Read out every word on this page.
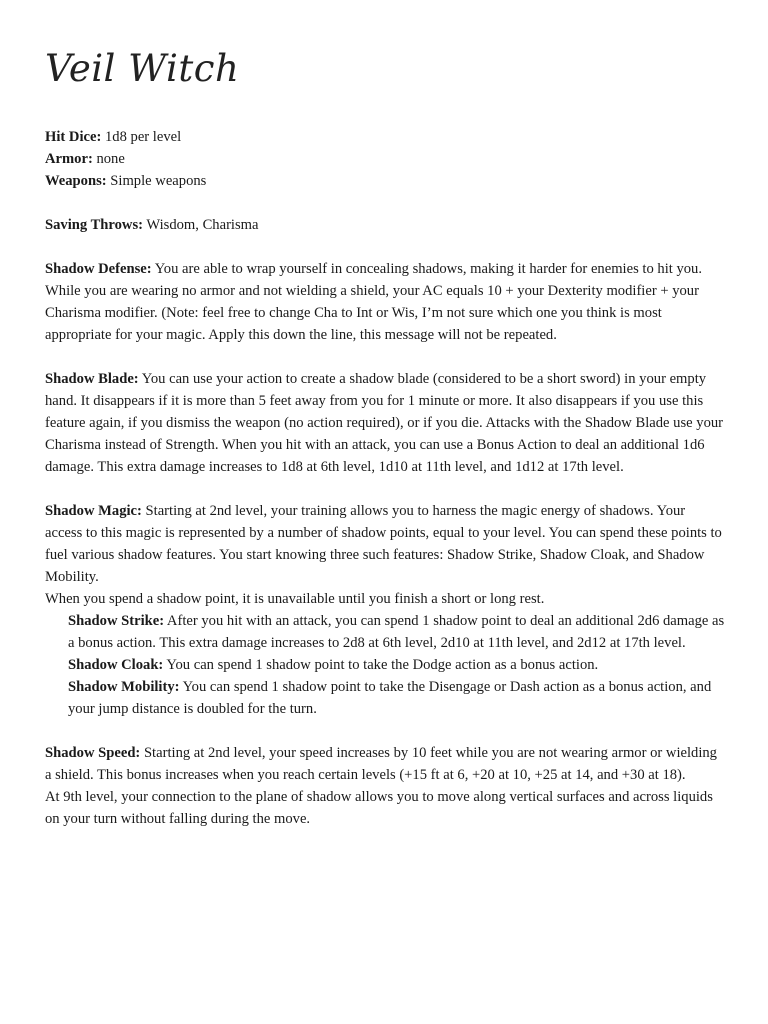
Veil Witch

Hit Dice: 1d8 per level

Armor: none

Weapons: Simple weapons

Saving Throws: Wisdom, Charisma

Shadow Defense: You are able to wrap yourself in concealing shadows, making it harder for enemies to hit you. While you are wearing no armor and not wielding a shield, your AC equals 10 + your Dexterity modifier + your Charisma modifier. (Note: feel free to change Cha to Int or Wis, I’m not sure which one you think is most appropriate for your magic. Apply this down the line, this message will not be repeated.

Shadow Blade: You can use your action to create a shadow blade (considered to be a short sword) in your empty hand. It disappears if it is more than 5 feet away from you for 1 minute or more. It also disappears if you use this feature again, if you dismiss the weapon (no action required), or if you die. Attacks with the Shadow Blade use your Charisma instead of Strength. When you hit with an attack, you can use a Bonus Action to deal an additional 1d6 damage. This extra damage increases to 1d8 at 6th level, 1d10 at 11th level, and 1d12 at 17th level.

Shadow Magic: Starting at 2nd level, your training allows you to harness the magic energy of shadows. Your access to this magic is represented by a number of shadow points, equal to your level. You can spend these points to fuel various shadow features. You start knowing three such features: Shadow Strike, Shadow Cloak, and Shadow Mobility.

When you spend a shadow point, it is unavailable until you finish a short or long rest.

Shadow Strike: After you hit with an attack, you can spend 1 shadow point to deal an additional 2d6 damage as a bonus action. This extra damage increases to 2d8 at 6th level, 2d10 at 11th level, and 2d12 at 17th level.

Shadow Cloak: You can spend 1 shadow point to take the Dodge action as a bonus action.

Shadow Mobility: You can spend 1 shadow point to take the Disengage or Dash action as a bonus action, and your jump distance is doubled for the turn.

Shadow Speed: Starting at 2nd level, your speed increases by 10 feet while you are not wearing armor or wielding a shield. This bonus increases when you reach certain levels (+15 ft at 6, +20 at 10, +25 at 14, and +30 at 18).

At 9th level, your connection to the plane of shadow allows you to move along vertical surfaces and across liquids on your turn without falling during the move.
